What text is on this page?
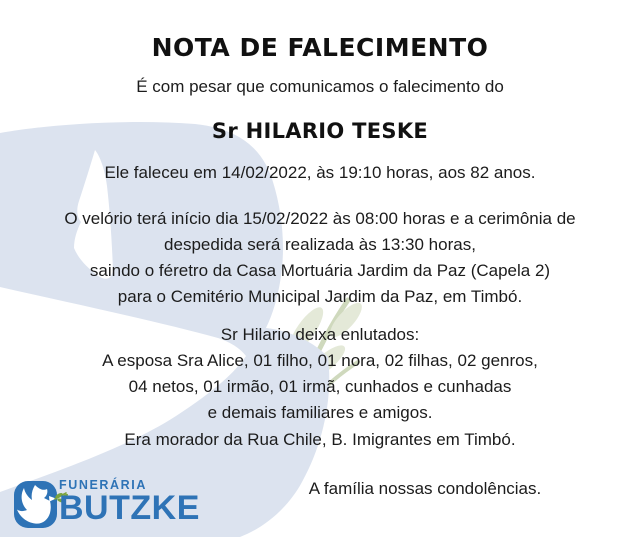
NOTA DE FALECIMENTO
É com pesar que comunicamos o falecimento do
Sr HILARIO TESKE
Ele faleceu em 14/02/2022, às 19:10 horas, aos 82 anos.
O velório terá início dia 15/02/2022 às 08:00 horas e a cerimônia de
despedida será realizada às 13:30 horas,
saindo o féretro da Casa Mortuária Jardim da Paz (Capela 2)
para o Cemitério Municipal Jardim da Paz, em Timbó.
Sr Hilario deixa enlutados:
A esposa Sra Alice, 01 filho, 01 nora, 02 filhas, 02 genros,
04 netos, 01 irmão, 01 irmã, cunhados e cunhadas
e demais familiares e amigos.
Era morador da Rua Chile, B. Imigrantes em Timbó.
A família nossas condolências.
FUNERÁRIA
BUTZKE
